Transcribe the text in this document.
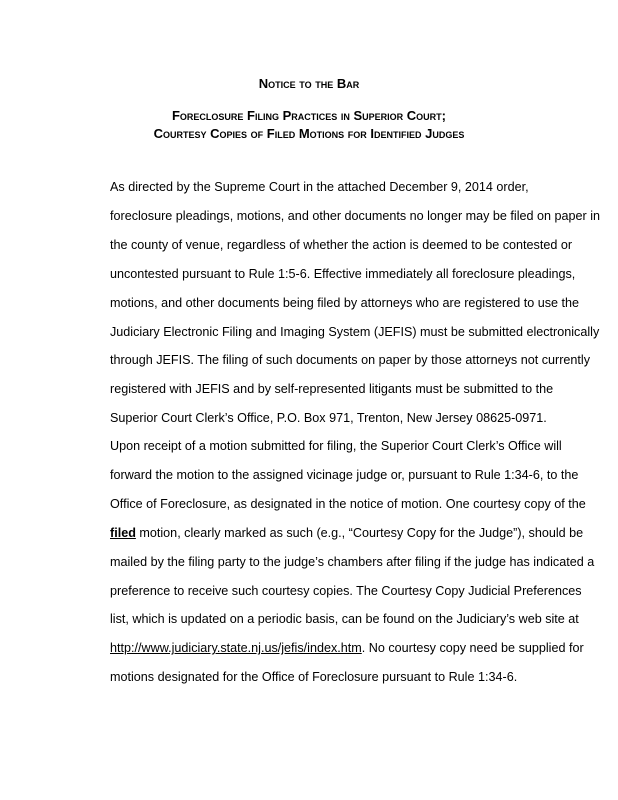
Notice to the Bar
Foreclosure Filing Practices in Superior Court;
Courtesy Copies of Filed Motions for Identified Judges

As directed by the Supreme Court in the attached December 9, 2014 order,
foreclosure pleadings, motions, and other documents no longer may be filed on paper in
the county of venue, regardless of whether the action is deemed to be contested or
uncontested pursuant to Rule 1:5-6. Effective immediately all foreclosure pleadings,
motions, and other documents being filed by attorneys who are registered to use the
Judiciary Electronic Filing and Imaging System (JEFIS) must be submitted electronically
through JEFIS. The filing of such documents on paper by those attorneys not currently
registered with JEFIS and by self-represented litigants must be submitted to the
Superior Court Clerk’s Office, P.O. Box 971, Trenton, New Jersey 08625-0971.

Upon receipt of a motion submitted for filing, the Superior Court Clerk’s Office will
forward the motion to the assigned vicinage judge or, pursuant to Rule 1:34-6, to the
Office of Foreclosure, as designated in the notice of motion. One courtesy copy of the
filed motion, clearly marked as such (e.g., “Courtesy Copy for the Judge”), should be
mailed by the filing party to the judge’s chambers after filing if the judge has indicated a
preference to receive such courtesy copies. The Courtesy Copy Judicial Preferences
list, which is updated on a periodic basis, can be found on the Judiciary’s web site at
http://www.judiciary.state.nj.us/jefis/index.htm. No courtesy copy need be supplied for
motions designated for the Office of Foreclosure pursuant to Rule 1:34-6.
